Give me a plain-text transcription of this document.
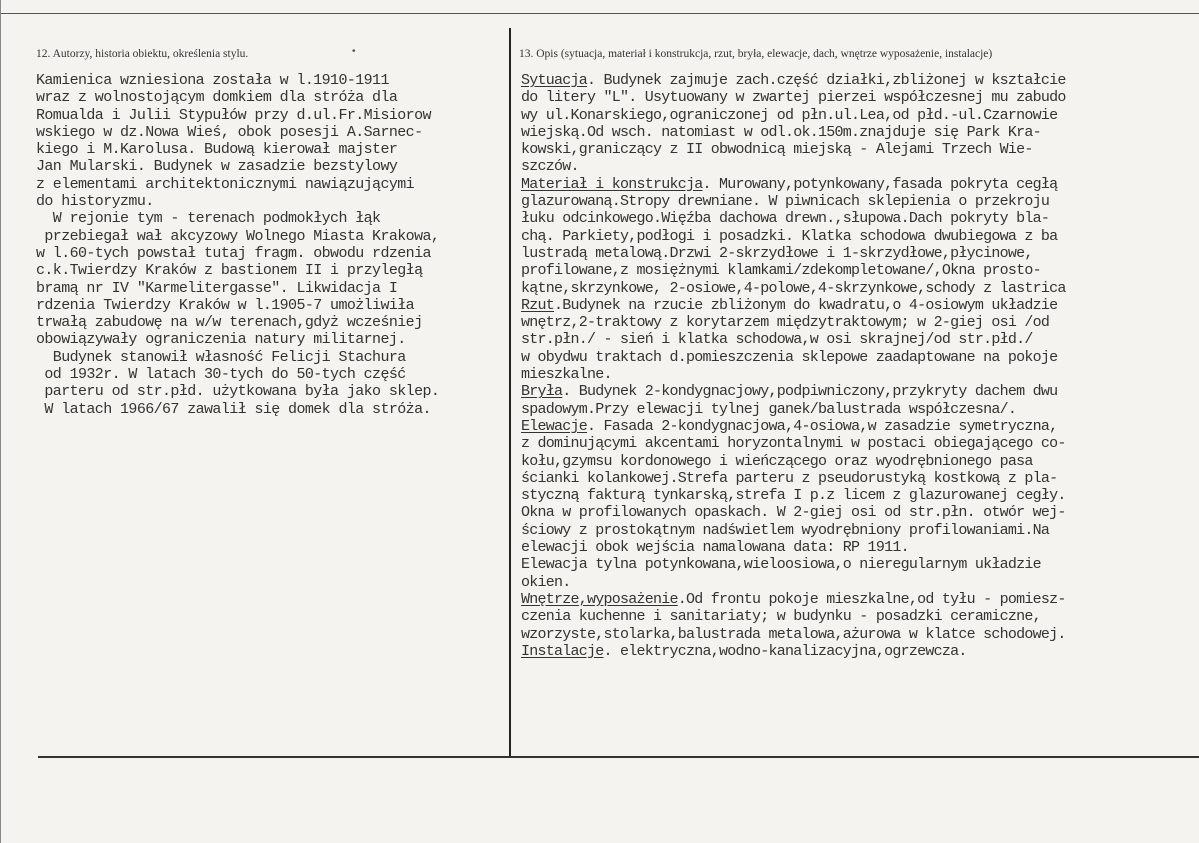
12. Autorzy, historia obiektu, określenia stylu.	•	13. Opis (sytuacja, materiał i konstrukcja, rzut, bryła, elewacje, dach, wnętrze wyposażenie, instalacje)
Kamienica wzniesiona została w l.1910-1911
wraz z wolnostojącym domkiem dla stróża dla
Romualda i Julii Stypułów przy d.ul.Fr.Misiorow
wskiego w dz.Nowa Wieś, obok posesji A.Sarnec-
kiego i M.Karolusa. Budową kierował majster
Jan Mularski. Budynek w zasadzie bezstylowy
z elementami architektonicznymi nawiązującymi
do historyzmu.
W rejonie tym - terenach podmokłych łąk
przebiegał wał akcyzowy Wolnego Miasta Krakowa,
w l.60-tych powstał tutaj fragm. obwodu rdzenia
c.k.Twierdzy Kraków z bastionem II i przyległą
bramą nr IV "Karmelitergasse". Likwidacja I
rdzenia Twierdzy Kraków w l.1905-7 umożliwiła
trwałą zabudowę na w/w terenach,gdyż wcześniej
obowiązywały ograniczenia natury militarnej.
Budynek stanowił własność Felicji Stachura
od 1932r. W latach 30-tych do 50-tych część
parteru od str.płd. użytkowana była jako sklep.
W latach 1966/67 zawalił się domek dla stróża.
Sytuacja. Budynek zajmuje zach.część działki,zbliżonej w kształcie
do litery "L". Usytuowany w zwartej pierzei współczesnej mu zabudo
wy ul.Konarskiego,ograniczonej od płn.ul.Lea,od płd.-ul.Czarnowie
wiejską.Od wsch. natomiast w odl.ok.150m.znajduje się Park Kra-
kowski,graniczący z II obwodnicą miejską - Alejami Trzech Wie-
szczów.
Materiał i konstrukcja. Murowany,potynkowany,fasada pokryta cegłą
glazurowaną.Stropy drewniane. W piwnicach sklepienia o przekroju
łuku odcinkowego.Więźba dachowa drewn.,słupowa.Dach pokryty bla-
chą. Parkiety,podłogi i posadzki. Klatka schodowa dwubiegowa z ba
lustradą metalową.Drzwi 2-skrzydłowe i 1-skrzydłowe,płycinowe,
profilowane,z mosiężnymi klamkami/zdekompletowane/,Okna prosto-
kątne,skrzynkowe, 2-osiowe,4-polowe,4-skrzynkowe,schody z lastrica
Rzut.Budynek na rzucie zbliżonym do kwadratu,o 4-osiowym układzie
wnętrz,2-traktowy z korytarzem międzytraktowym; w 2-giej osi /od
str.płn./ - sień i klatka schodowa,w osi skrajnej/od str.płd./
w obydwu traktach d.pomieszczenia sklepowe zaadaptowane na pokoje
mieszkalne.
Bryła. Budynek 2-kondygnacjowy,podpiwniczony,przykryty dachem dwu
spadowym.Przy elewacji tylnej ganek/balustrada współczesna/.
Elewacje. Fasada 2-kondygnacjowa,4-osiowa,w zasadzie symetryczna,
z dominującymi akcentami horyzontalnymi w postaci obiegającego co-
kołu,gzymsu kordonowego i wieńczącego oraz wyodrębnionego pasa
ścianki kolankowej.Strefa parteru z pseudorustyką kostkową z pla-
styczną fakturą tynkarską,strefa I p.z licem z glazurowanej cegły.
Okna w profilowanych opaskach. W 2-giej osi od str.płn. otwór wej-
ściowy z prostokątnym nadświetlem wyodrębniony profilowaniami.Na
elewacji obok wejścia namalowana data: RP 1911.
Elewacja tylna potynkowana,wieloosiowa,o nieregularnym układzie
okien.
Wnętrze,wyposażenie.Od frontu pokoje mieszkalne,od tyłu - pomiesz-
czenia kuchenne i sanitariaty; w budynku - posadzki ceramiczne,
wzorzyste,stolarka,balustrada metalowa,ażurowa w klatce schodowej.
Instalacje. elektryczna,wodno-kanalizacyjna,ogrzewcza.
